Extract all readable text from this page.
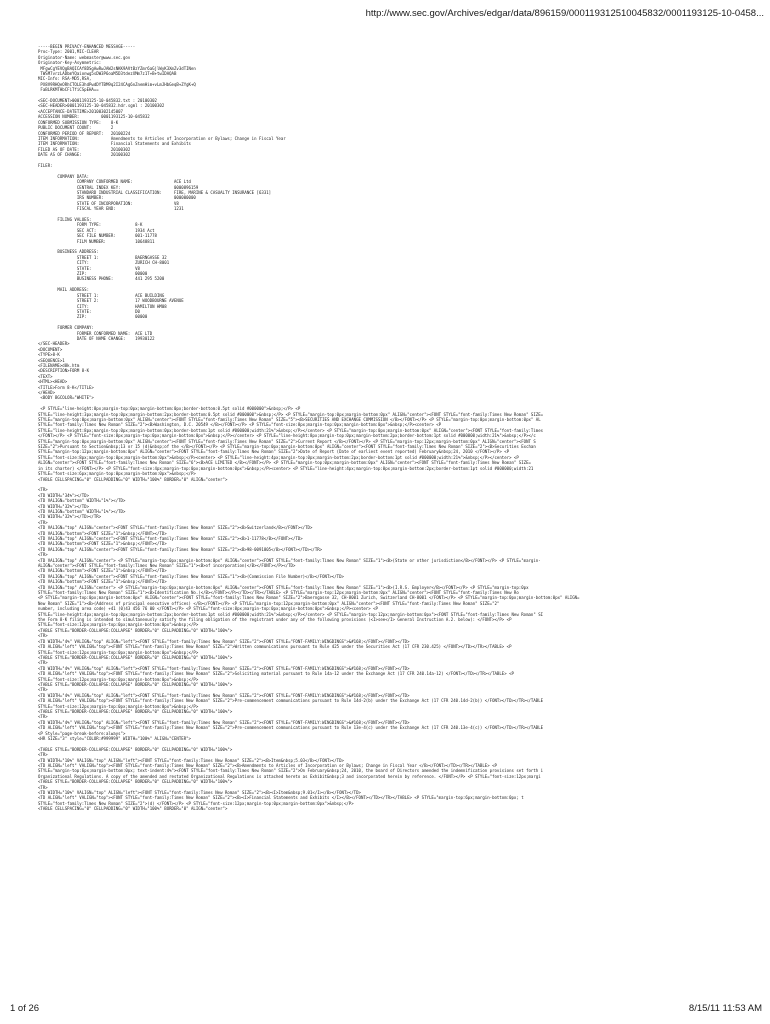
http://www.sec.gov/Archives/edgar/data/896159/000119312510045832/0001193125-10-0458...
-----BEGIN PRIVACY-ENHANCED MESSAGE-----
Proc-Type: 2001,MIC-CLEAR
Originator-Name: webmaster@www.sec.gov
Originator-Key-Asymmetric:
MFgwCgYEVQgBAQICAf8DSgAwRwJAW2sNKK9AVtBzYZmr6aGjlWyK3XmZv3dTINen
TWSM7vrzLADbmYQaionwg5sDW3P6oaM5D3tdezXMm7z1T+B+twIDAQAB
MIC-Info: RSA-MD5,RSA,
PX8V9RHQeORhCTOLE3hdPwdDYTBM9q2I24CAg6nZnemHim+vLmJHbGeqB+ZYgK+Q
FaBLRKMTHbCFiTfiCSpEHA==
<SEC-DOCUMENT>0001193125-10-045832.txt : 20100302
<SEC-HEADER>0001193125-10-045832.hdr.sgml : 20100302
<ACCEPTANCE-DATETIME>20100302145007
ACCESSION NUMBER:         0001193125-10-045832
CONFORMED SUBMISSION TYPE:    8-K
PUBLIC DOCUMENT COUNT:        2
CONFORMED PERIOD OF REPORT:   20100224
ITEM INFORMATION:             Amendments to Articles of Incorporation or Bylaws; Change in Fiscal Year
ITEM INFORMATION:             Financial Statements and Exhibits
FILED AS OF DATE:             20100302
DATE AS OF CHANGE:            20100302
FILER:
COMPANY DATA:
COMPANY CONFORMED NAME:                 ACE Ltd
CENTRAL INDEX KEY:                      0000896159
STANDARD INDUSTRIAL CLASSIFICATION:     FIRE, MARINE & CASUALTY INSURANCE [6331]
IRS NUMBER:                             000000000
STATE OF INCORPORATION:                 V8
FISCAL YEAR END:                        1231
FILING VALUES:
FORM TYPE:              8-K
SEC ACT:                1934 Act
SEC FILE NUMBER:        001-11778
FILM NUMBER:            10648811
BUSINESS ADDRESS:
STREET 1:               BAERNGASSE 32
CITY:                   ZURICH CH-8001
STATE:                  V8
ZIP:                    00000
BUSINESS PHONE:         441 295 5200
MAIL ADDRESS:
STREET 1:               ACE BUILDING
STREET 2:               17 WOODBOURNE AVENUE
CITY:                   HAMILTON HM08
STATE:                  D0
ZIP:                    00000
FORMER COMPANY:
FORMER CONFORMED NAME:  ACE LTD
DATE OF NAME CHANGE:    19930122
</SEC-HEADER>
<DOCUMENT>
<TYPE>8-K
<SEQUENCE>1
<FILENAME>d8k.htm
<DESCRIPTION>FORM 8-K
<TEXT>
<HTML><HEAD>
<TITLE>Form 8-K</TITLE>
</HEAD>
<BODY BGCOLOR="WHITE">
<P STYLE="line-height:8px;margin-top:0px;margin-bottom:0px;border-bottom:0.5pt solid #000000">&nbsp;</P> <P
STYLE="line-height:3px;margin-top:0px;margin-bottom:2px;border-bottom:0.5pt solid #000000">&nbsp;</P> <P STYLE="margin-top:0px;margin-bottom:0px" ALIGN="center"><FONT STYLE="font-family:Times New Roman" SIZE=
STYLE="margin-top:0px;margin-bottom:0px" ALIGN="center"><FONT STYLE="font-family:Times New Roman" SIZE="5"><B>SECURITIES AND EXCHANGE COMMISSION </B></FONT></P> <P STYLE="margin-top:0px;margin-bottom:0px" AL
STYLE="font-family:Times New Roman" SIZE="2"><B>Washington, D.C. 20549 </B></FONT></P> <P STYLE="font-size:8px;margin-top:0px;margin-bottom:0px">&nbsp;</P><center> <P
STYLE="line-height:8px;margin-top:0px;margin-bottom:0px;border-bottom:1pt solid #000000;width:21%">&nbsp;</P></center> <P STYLE="margin-top:0px;margin-bottom:0px" ALIGN="center"><FONT STYLE="font-family:Times
</FONT></P> <P STYLE="font-size:8px;margin-top:0px;margin-bottom:0px">&nbsp;</P></center> <P STYLE="line-height:8px;margin-top:0px;margin-bottom:2px;border-bottom:1pt solid #000000;width:21%">&nbsp;</P></c
STYLE="margin-top:0px;margin-bottom:0px" ALIGN="center"><FONT STYLE="font-family:Times New Roman" SIZE="2">Current Report </B></FONT></P> <P STYLE="margin-top:12px;margin-bottom:0px" ALIGN="center"><FONT S
SIZE="2">Pursuant to Section&nbsp;13 or 15 (d)&nbsp;of the </B></FONT></P> <P STYLE="margin-top:0px;margin-bottom:0px" ALIGN="center"><FONT STYLE="font-family:Times New Roman" SIZE="2"><B>Securities Exchan
STYLE="margin-top:12px;margin-bottom:0px" ALIGN="center"><FONT STYLE="font-family:Times New Roman" SIZE="2">Date of Report (Date of earliest event reported) February&nbsp;24, 2010 </FONT></P> <P
STYLE="font-size:8px;margin-top:0px;margin-bottom:0px">&nbsp;</P><center> <P STYLE="line-height:4px;margin-top:0px;margin-bottom:2px;border-bottom:1pt solid #000000;width:21%">&nbsp;</P></center> <P
ALIGN="center"><FONT STYLE="font-family:Times New Roman" SIZE="6"><B>ACE LIMITED </B></FONT></P> <P STYLE="margin-top:0px;margin-bottom:0px" ALIGN="center"><FONT STYLE="font-family:Times New Roman" SIZE=
in its charter) </FONT></P> <P STYLE="font-size:4px;margin-top:0px;margin-bottom:0px">&nbsp;</P><center> <P STYLE="line-height:4px;margin-top:0px;margin-bottom:2px;border-bottom:1pt solid #000000;width:21
STYLE="font-size:6px;margin-top:0px;margin-bottom:0px">&nbsp;</P>
<TABLE CELLSPACING="0" CELLPADDING="0" WIDTH="100%" BORDER="0" ALIGN="center">
<TR>
<TD WIDTH="34%"></TD>
<TD VALIGN="bottom" WIDTH="1%"></TD>
<TD WIDTH="32%"></TD>
<TD VALIGN="bottom" WIDTH="1%"></TD>
<TD WIDTH="32%"></TD></TR>
<TR>
<TD VALIGN="top" ALIGN="center"><FONT STYLE="font-family:Times New Roman" SIZE="2"><B>Switzerland</B></FONT></TD>
<TD VALIGN="bottom"><FONT SIZE="1">&nbsp;</FONT></TD>
<TD VALIGN="top" ALIGN="center"><FONT STYLE="font-family:Times New Roman" SIZE="2"><B>1-11778</B></FONT></TD>
<TD VALIGN="bottom"><FONT SIZE="1">&nbsp;</FONT></TD>
<TD VALIGN="top" ALIGN="center"><FONT STYLE="font-family:Times New Roman" SIZE="2"><B>98-0091805</B></FONT></TD></TR>
<TR>
<TD VALIGN="top" ALIGN="center"> <P STYLE="margin-top:0px;margin-bottom:0px" ALIGN="center"><FONT STYLE="font-family:Times New Roman" SIZE="1"><B>(State or other jurisdiction</B></FONT></P> <P STYLE="margin-
ALIGN="center"><FONT STYLE="font-family:Times New Roman" SIZE="1"><B>of incorporation)</B></FONT></P></TD>
<TD VALIGN="bottom"><FONT SIZE="1">&nbsp;</FONT></TD>
<TD VALIGN="top" ALIGN="center"><FONT STYLE="font-family:Times New Roman" SIZE="1"><B>(Commission File Number)</B></FONT></TD>
<TD VALIGN="bottom"><FONT SIZE="1">&nbsp;</FONT></TD>
<TD VALIGN="top" ALIGN="center"> <P STYLE="margin-top:0px;margin-bottom:0px" ALIGN="center"><FONT STYLE="font-family:Times New Roman" SIZE="1"><B>(I.R.S. Employer</B></FONT></P> <P STYLE="margin-top:0px
STYLE="font-family:Times New Roman" SIZE="1"><B>Identification No.)</B></FONT></P></TD></TR></TABLE> <P STYLE="margin-top:12px;margin-bottom:0px" ALIGN="center"><FONT STYLE="font-family:Times New Ro
<P STYLE="margin-top:0px;margin-bottom:0px" ALIGN="center"><FONT STYLE="font-family:Times New Roman" SIZE="2">Baerngasse 32, CH-8001 Zurich, Switzerland CH-8001 </FONT></P> <P STYLE="margin-top:0px;margin-bottom:0px" ALIGN=
New Roman" SIZE="1"><B>(Address of principal executive offices) </B></FONT></P> <P STYLE="margin-top:12px;margin-bottom:0px" ALIGN="center"><FONT STYLE="font-family:Times New Roman" SIZE="2"
number, including area code) +41 (0)43 456 76 00 </FONT></P> <P STYLE="font-size:8px;margin-top:0px;margin-bottom:0px">&nbsp;</P><center> <P
STYLE="line-height:4px;margin-top:0px;margin-bottom:2px;border-bottom:1pt solid #000000;width:21%">&nbsp;</P></center> <P STYLE="margin-top:12px;margin-bottom:0px"><FONT STYLE="font-family:Times New Roman" SI
the Form 8-K filing is intended to simultaneously satisfy the filing obligation of the registrant under any of the following provisions (<I>see</I> General Instruction A.2. below): </FONT></P> <P
STYLE="font-size:12px;margin-top:0px;margin-bottom:0px">&nbsp;</P>
<TABLE STYLE="BORDER-COLLAPSE:COLLAPSE" BORDER="0" CELLPADDING="0" WIDTH="100%">
<TR>
<TD WIDTH="4%" VALIGN="top" ALIGN="left"><FONT STYLE="font-family:Times New Roman" SIZE="2"><FONT STYLE="FONT-FAMILY:WINGDINGS">&#168;</FONT></FONT></TD>
<TD ALIGN="left" VALIGN="top"><FONT STYLE="font-family:Times New Roman" SIZE="2">Written communications pursuant to Rule 425 under the Securities Act (17 CFR 230.425) </FONT></TD></TR></TABLE> <P
STYLE="font-size:12px;margin-top:0px;margin-bottom:0px">&nbsp;</P>
<TABLE STYLE="BORDER-COLLAPSE:COLLAPSE" BORDER="0" CELLPADDING="0" WIDTH="100%">
<TR>
<TD WIDTH="4%" VALIGN="top" ALIGN="left"><FONT STYLE="font-family:Times New Roman" SIZE="2"><FONT STYLE="FONT-FAMILY:WINGDINGS">&#168;</FONT></FONT></TD>
<TD ALIGN="left" VALIGN="top"><FONT STYLE="font-family:Times New Roman" SIZE="2">Soliciting material pursuant to Rule 14a-12 under the Exchange Act (17 CFR 240.14a-12) </FONT></TD></TR></TABLE> <P
STYLE="font-size:12px;margin-top:0px;margin-bottom:0px">&nbsp;</P>
<TABLE STYLE="BORDER-COLLAPSE:COLLAPSE" BORDER="0" CELLPADDING="0" WIDTH="100%">
<TR>
<TD WIDTH="4%" VALIGN="top" ALIGN="left"><FONT STYLE="font-family:Times New Roman" SIZE="2"><FONT STYLE="FONT-FAMILY:WINGDINGS">&#168;</FONT></FONT></TD>
<TD ALIGN="left" VALIGN="top"><FONT STYLE="font-family:Times New Roman" SIZE="2">Pre-commencement communications pursuant to Rule 14d-2(b) under the Exchange Act (17 CFR 240.14d-2(b)) </FONT></TD></TR></TABLE
STYLE="font-size:12px;margin-top:0px;margin-bottom:0px">&nbsp;</P>
<TABLE STYLE="BORDER-COLLAPSE:COLLAPSE" BORDER="0" CELLPADDING="0" WIDTH="100%">
<TR>
<TD WIDTH="4%" VALIGN="top" ALIGN="left"><FONT STYLE="font-family:Times New Roman" SIZE="2"><FONT STYLE="FONT-FAMILY:WINGDINGS">&#168;</FONT></FONT></TD>
<TD ALIGN="left" VALIGN="top"><FONT STYLE="font-family:Times New Roman" SIZE="2">Pre-commencement communications pursuant to Rule 13e-4(c) under the Exchange Act (17 CFR 240.13e-4(c)) </FONT></TD></TR></TABLE
<P Style="page-break-before:always">
<HR SIZE="3" style="COLOR:#999999" WIDTH="100%" ALIGN="CENTER">
<TABLE STYLE="BORDER-COLLAPSE:COLLAPSE" BORDER="0" CELLPADDING="0" WIDTH="100%">
<TR>
<TD WIDTH="10%" VALIGN="top" ALIGN="left"><FONT STYLE="font-family:Times New Roman" SIZE="2"><B>Item&nbsp;5.03</B></FONT></TD>
<TD ALIGN="left" VALIGN="top"><FONT STYLE="font-family:Times New Roman" SIZE="2"><B>Amendments to Articles of Incorporation or Bylaws; Change in Fiscal Year </B></FONT></TD></TR></TABLE> <P
STYLE="margin-top:6px;margin-bottom:0px; text-indent:4%"><FONT STYLE="font-family:Times New Roman" SIZE="2">On February&nbsp;24, 2010, the board of Directors amended the indemnification provisions set forth i
Organizational Regulations. A copy of the amended and restated Organizational Regulations is attached hereto as Exhibit&nbsp;3 and incorporated herein by reference. </FONT></P> <P STYLE="font-size:12px;margi
<TABLE STYLE="BORDER-COLLAPSE:COLLAPSE" BORDER="0" CELLPADDING="0" WIDTH="100%">
<TR>
<TD WIDTH="10%" VALIGN="top" ALIGN="left"><FONT STYLE="font-family:Times New Roman" SIZE="2"><B><I>Item&nbsp;9.01</I></B></FONT></TD>
<TD ALIGN="left" VALIGN="top"><FONT STYLE="font-family:Times New Roman" SIZE="2"><B><I>Financial Statements and Exhibits </I></B></FONT></TD></TR></TABLE> <P STYLE="margin-top:6px;margin-bottom:0px; t
STYLE="font-family:Times New Roman" SIZE="2">(d) </FONT></P> <P STYLE="font-size:12px;margin-top:0px;margin-bottom:0px">&nbsp;</P>
<TABLE CELLSPACING="0" CELLPADDING="0" WIDTH="100%" BORDER="0" ALIGN="center">
1 of 26	8/15/11 11:53 AM
